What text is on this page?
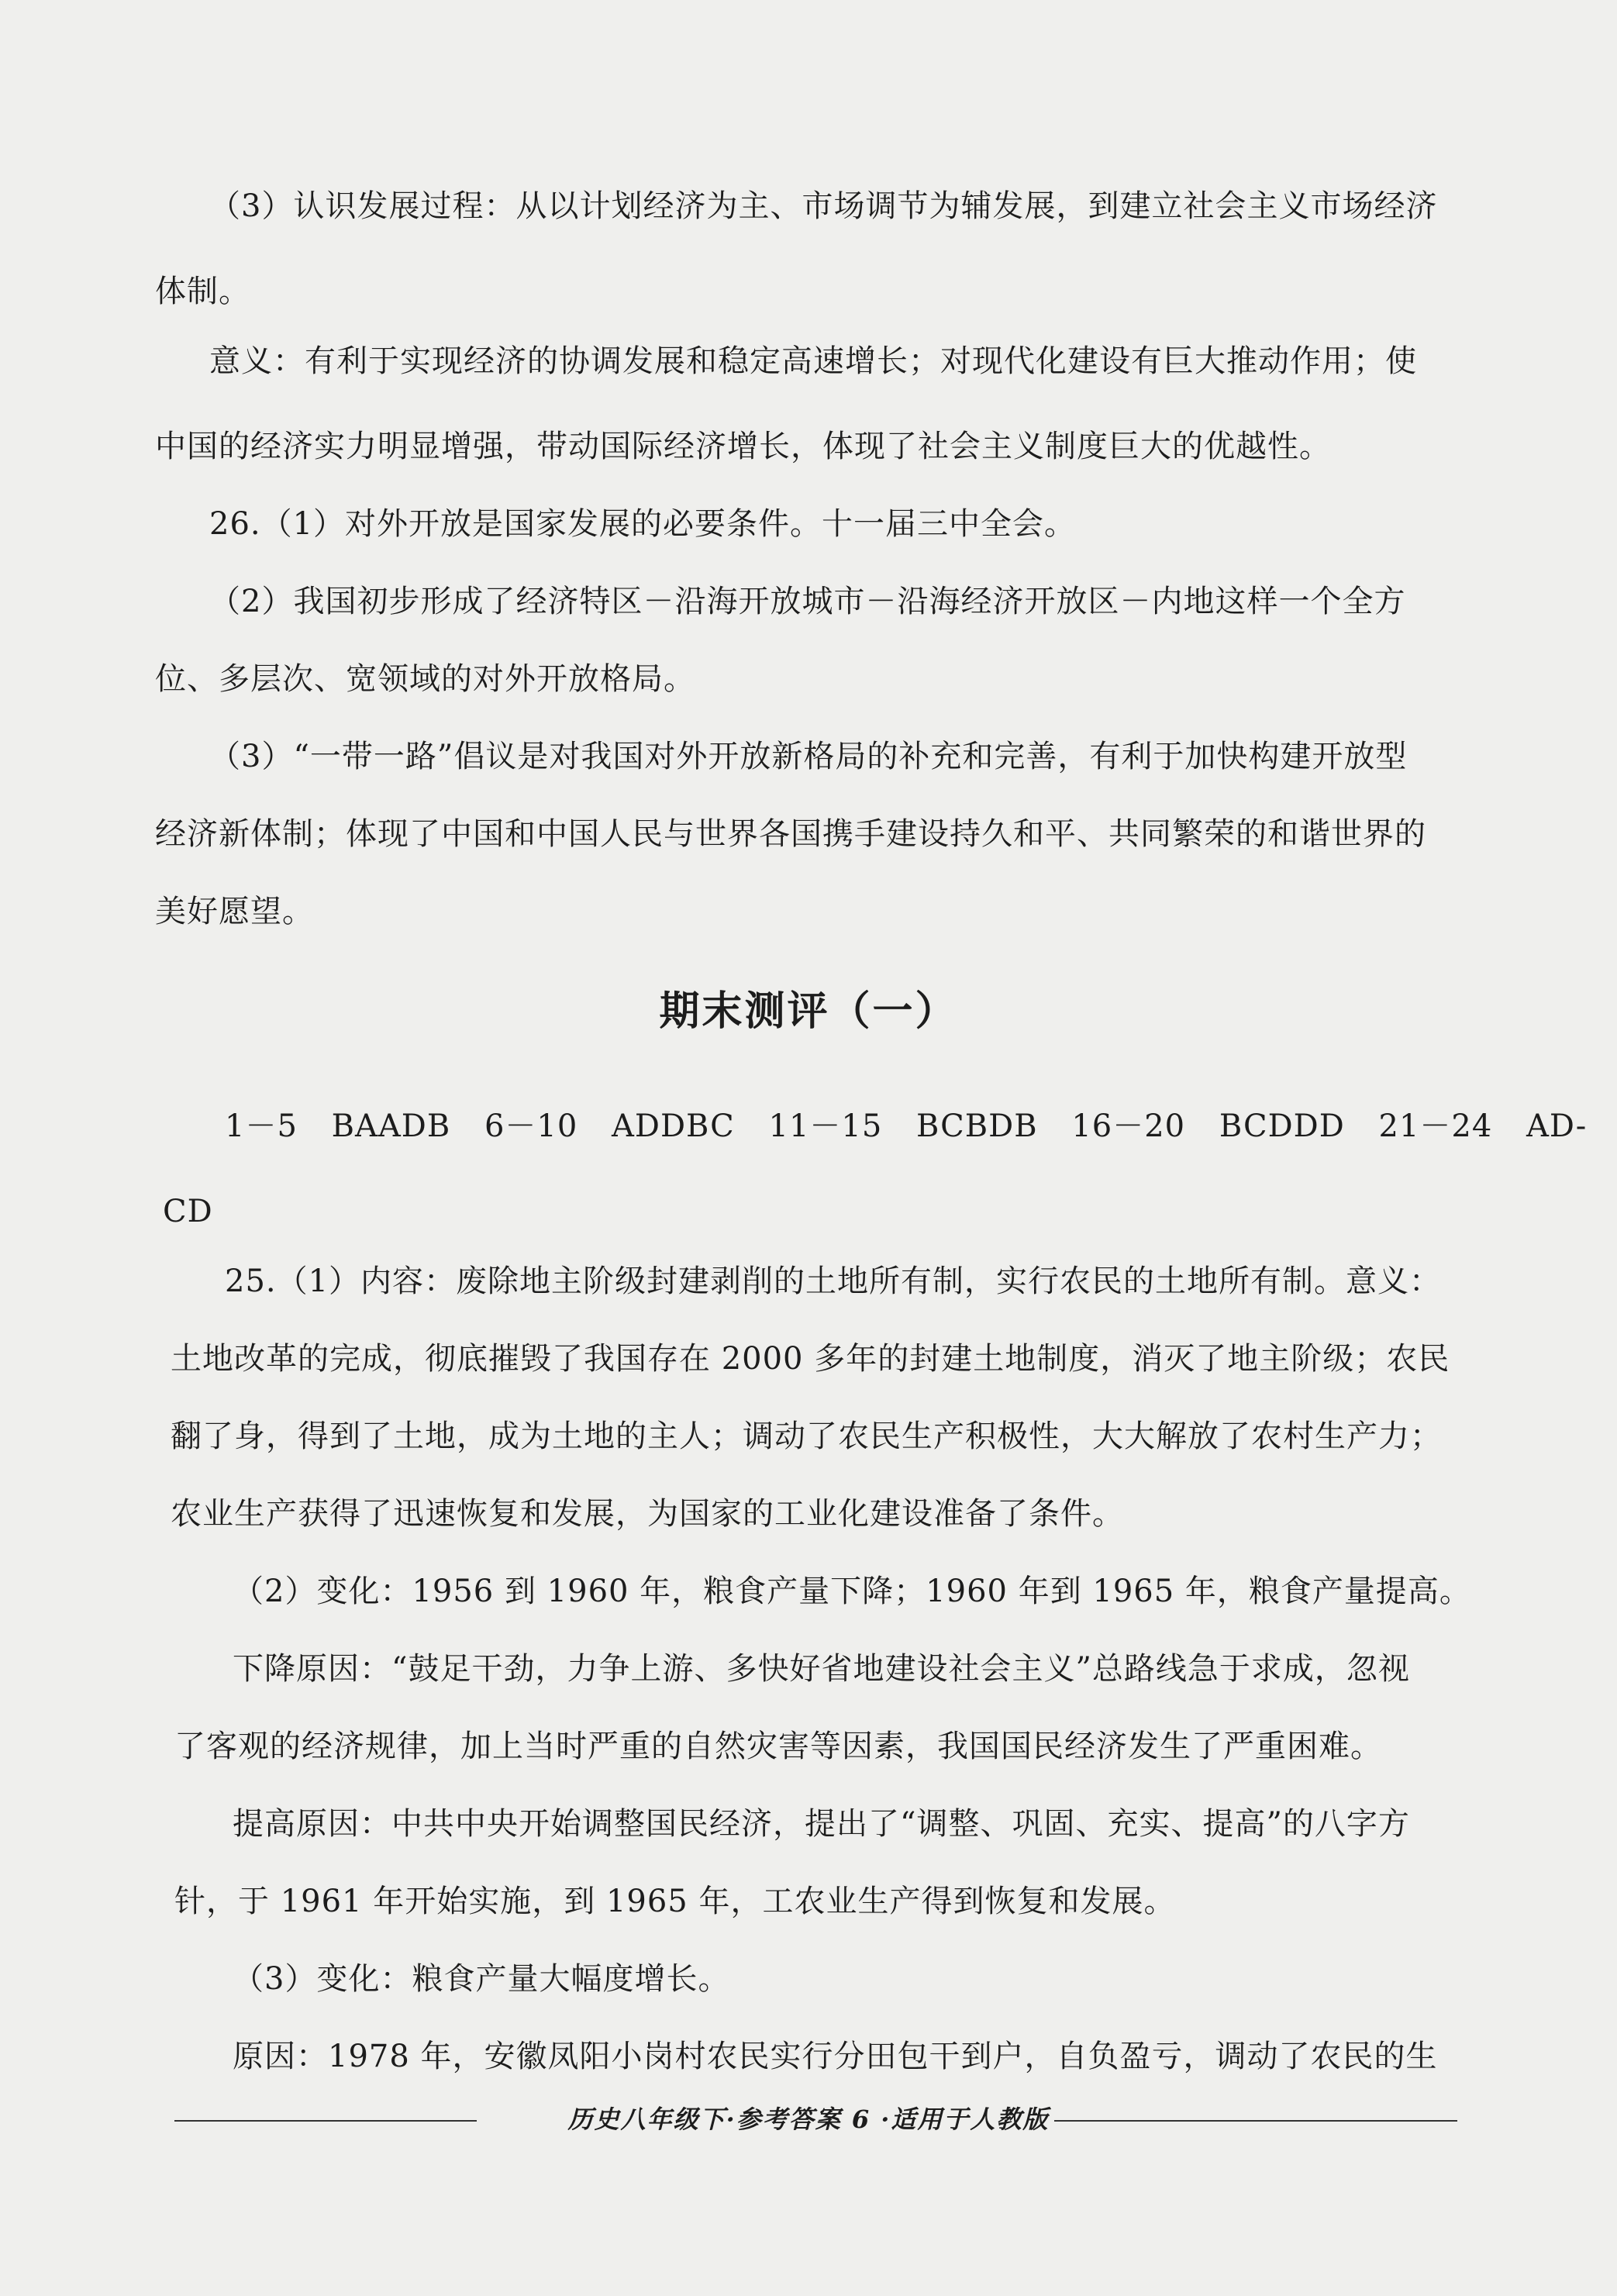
（3）认识发展过程：从以计划经济为主、市场调节为辅发展，到建立社会主义市场经济

体制。

意义：有利于实现经济的协调发展和稳定高速增长；对现代化建设有巨大推动作用；使

中国的经济实力明显增强，带动国际经济增长，体现了社会主义制度巨大的优越性。

26.（1）对外开放是国家发展的必要条件。十一届三中全会。

（2）我国初步形成了经济特区－沿海开放城市－沿海经济开放区－内地这样一个全方

位、多层次、宽领域的对外开放格局。

（3）“一带一路”倡议是对我国对外开放新格局的补充和完善，有利于加快构建开放型

经济新体制；体现了中国和中国人民与世界各国携手建设持久和平、共同繁荣的和谐世界的

美好愿望。

期末测评（一）

1－5 BAADB 6－10 ADDBC 11－15 BCBDB 16－20 BCDDD 21－24 AD-

CD

25.（1）内容：废除地主阶级封建剥削的土地所有制，实行农民的土地所有制。意义：

土地改革的完成，彻底摧毁了我国存在 2000 多年的封建土地制度，消灭了地主阶级；农民

翻了身，得到了土地，成为土地的主人；调动了农民生产积极性，大大解放了农村生产力；

农业生产获得了迅速恢复和发展，为国家的工业化建设准备了条件。

（2）变化：1956 到 1960 年，粮食产量下降；1960 年到 1965 年，粮食产量提高。

下降原因：“鼓足干劲，力争上游、多快好省地建设社会主义”总路线急于求成，忽视

了客观的经济规律，加上当时严重的自然灾害等因素，我国国民经济发生了严重困难。

提高原因：中共中央开始调整国民经济，提出了“调整、巩固、充实、提高”的八字方

针，于 1961 年开始实施，到 1965 年，工农业生产得到恢复和发展。

（3）变化：粮食产量大幅度增长。

原因：1978 年，安徽凤阳小岗村农民实行分田包干到户，自负盈亏，调动了农民的生

历史八年级下·参考答案 6 ·适用于人教版
